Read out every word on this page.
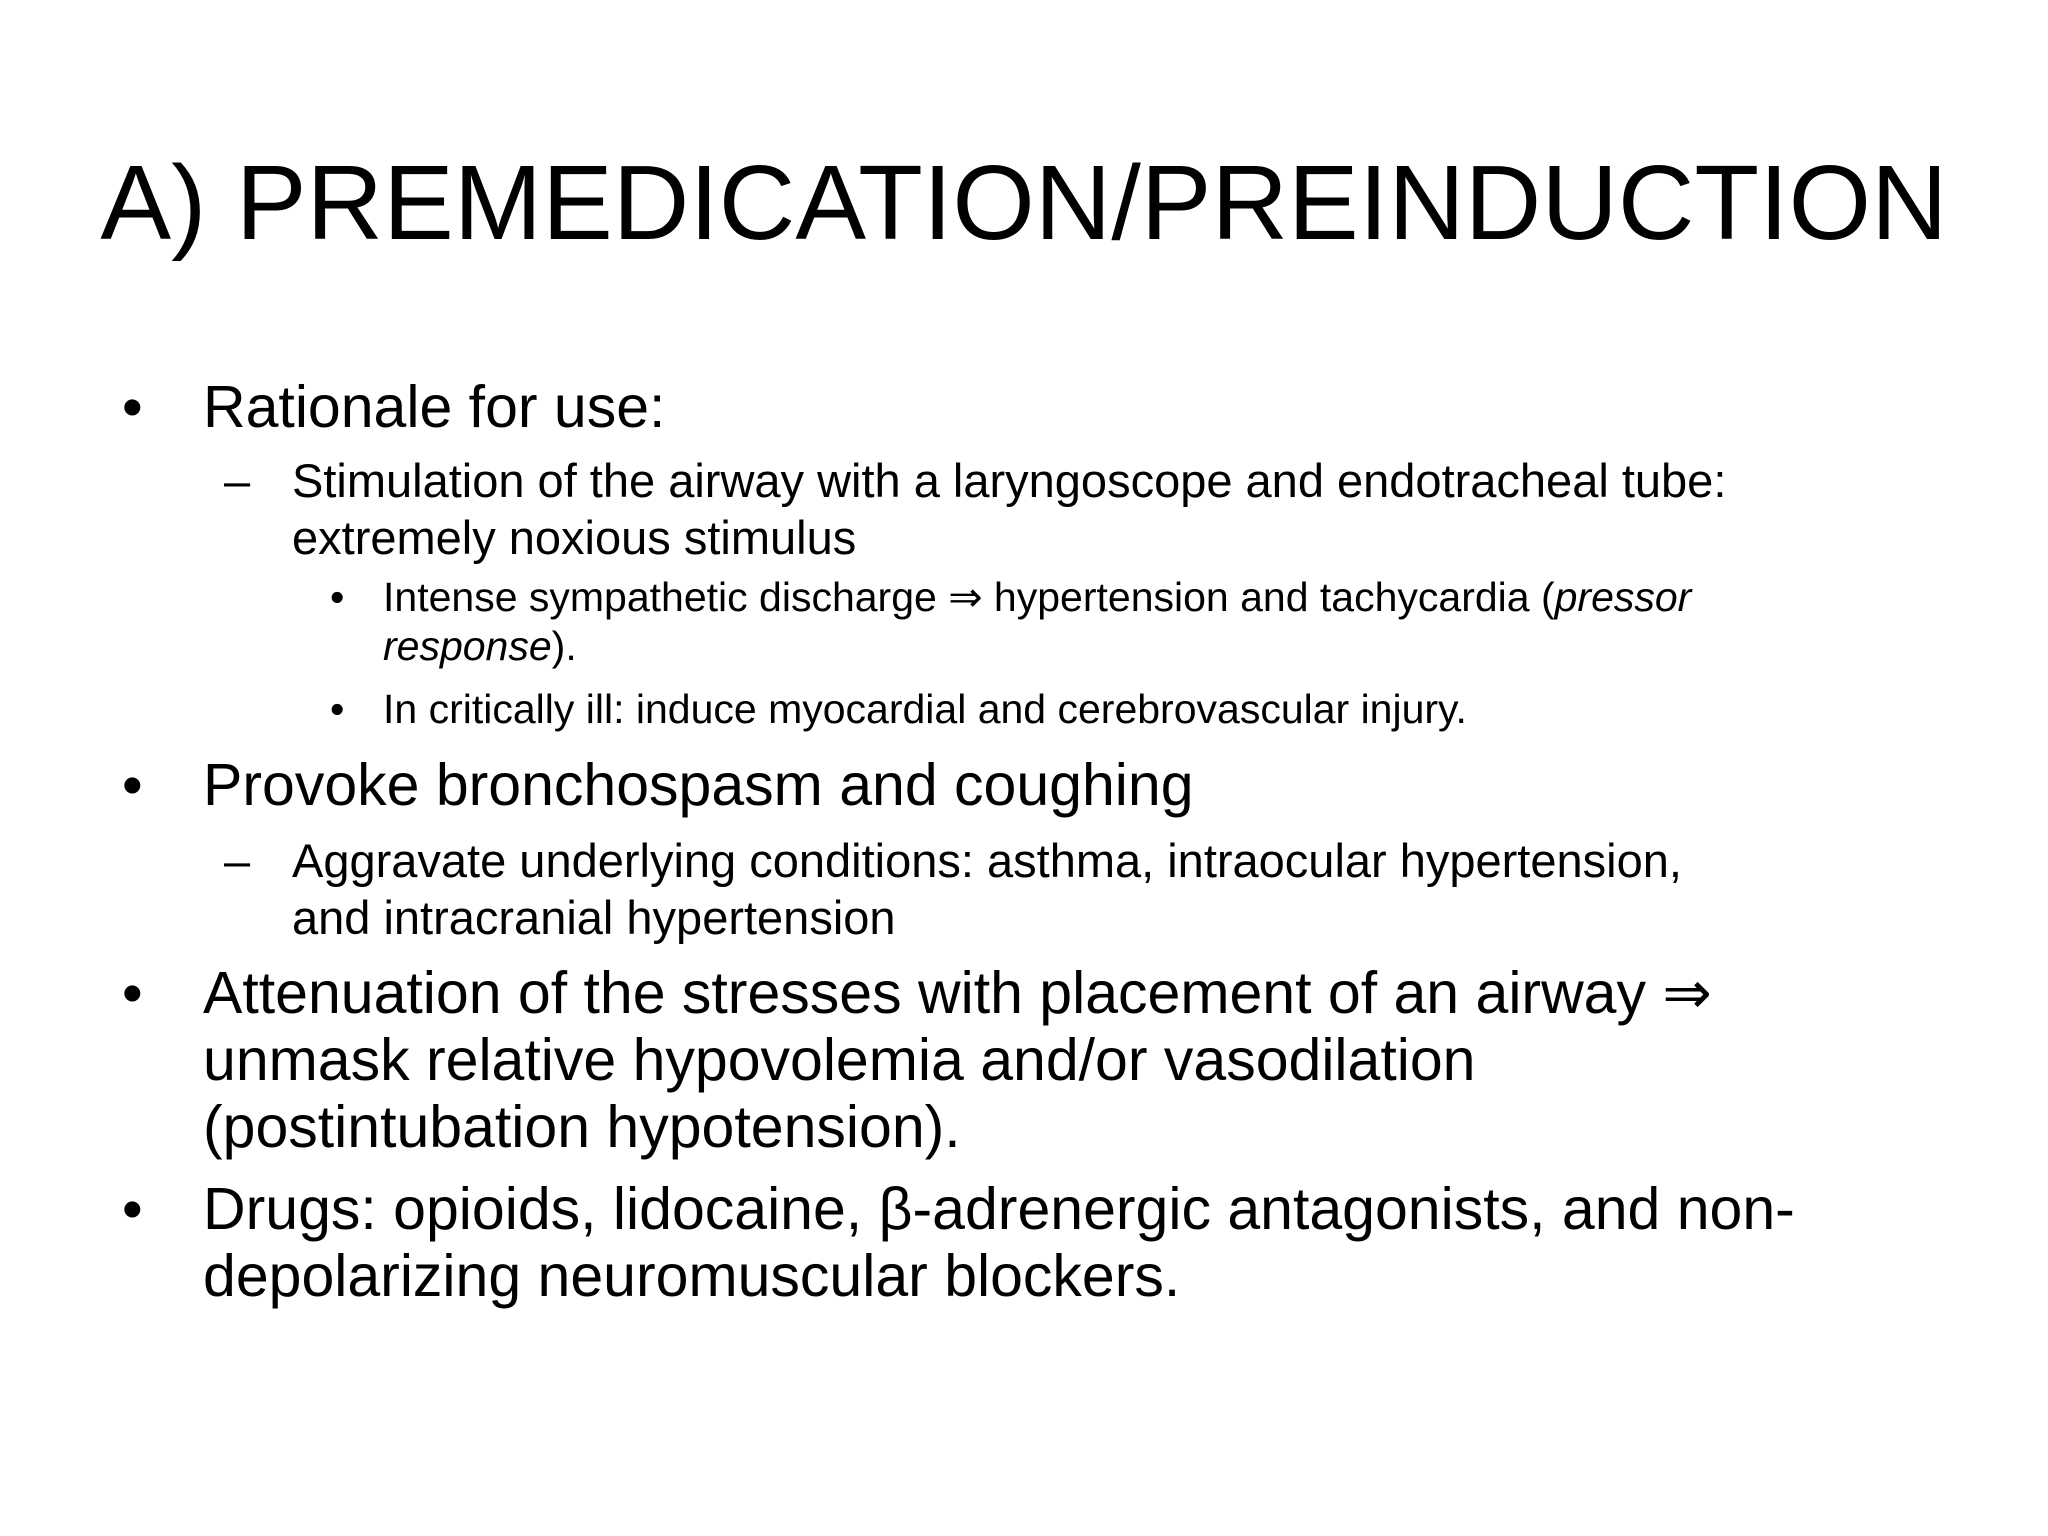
A) PREMEDICATION/PREINDUCTION
• Rationale for use:
– Stimulation of the airway with a laryngoscope and endotracheal tube:
extremely noxious stimulus
• Intense sympathetic discharge ⇒ hypertension and tachycardia (pressor
response).
• In critically ill: induce myocardial and cerebrovascular injury.
• Provoke bronchospasm and coughing
– Aggravate underlying conditions: asthma, intraocular hypertension,
and intracranial hypertension
• Attenuation of the stresses with placement of an airway ⇒
unmask relative hypovolemia and/or vasodilation
(postintubation hypotension).
• Drugs: opioids, lidocaine, β-adrenergic antagonists, and non-
depolarizing neuromuscular blockers.
